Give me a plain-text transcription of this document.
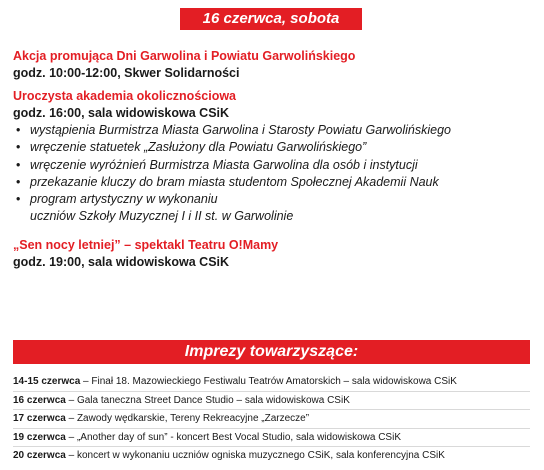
16 czerwca, sobota
Akcja promująca Dni Garwolina i Powiatu Garwolińskiego
godz. 10:00-12:00, Skwer Solidarności
Uroczysta akademia okolicznościowa
godz. 16:00, sala widowiskowa CSiK
• wystąpienia Burmistrza Miasta Garwolina i Starosty Powiatu Garwolińskiego
• wręczenie statuetek „Zasłużony dla Powiatu Garwolińskiego”
• wręczenie wyróżnień Burmistrza Miasta Garwolina dla osób i instytucji
• przekazanie kluczy do bram miasta studentom Społecznej Akademii Nauk
• program artystyczny w wykonaniu
uczniów Szkoły Muzycznej I i II st. w Garwolinie
„Sen nocy letniej” – spektakl Teatru O!Mamy
godz. 19:00, sala widowiskowa CSiK
Imprezy towarzyszące:
14-15 czerwca – Finał 18. Mazowieckiego Festiwalu Teatrów Amatorskich – sala widowiskowa CSiK
16 czerwca – Gala taneczna Street Dance Studio – sala widowiskowa CSiK
17 czerwca – Zawody wędkarskie, Tereny Rekreacyjne „Zarzecze”
19 czerwca – „Another day of sun” - koncert Best Vocal Studio, sala widowiskowa CSiK
20 czerwca – koncert w wykonaniu uczniów ogniska muzycznego CSiK, sala konferencyjna CSiK
